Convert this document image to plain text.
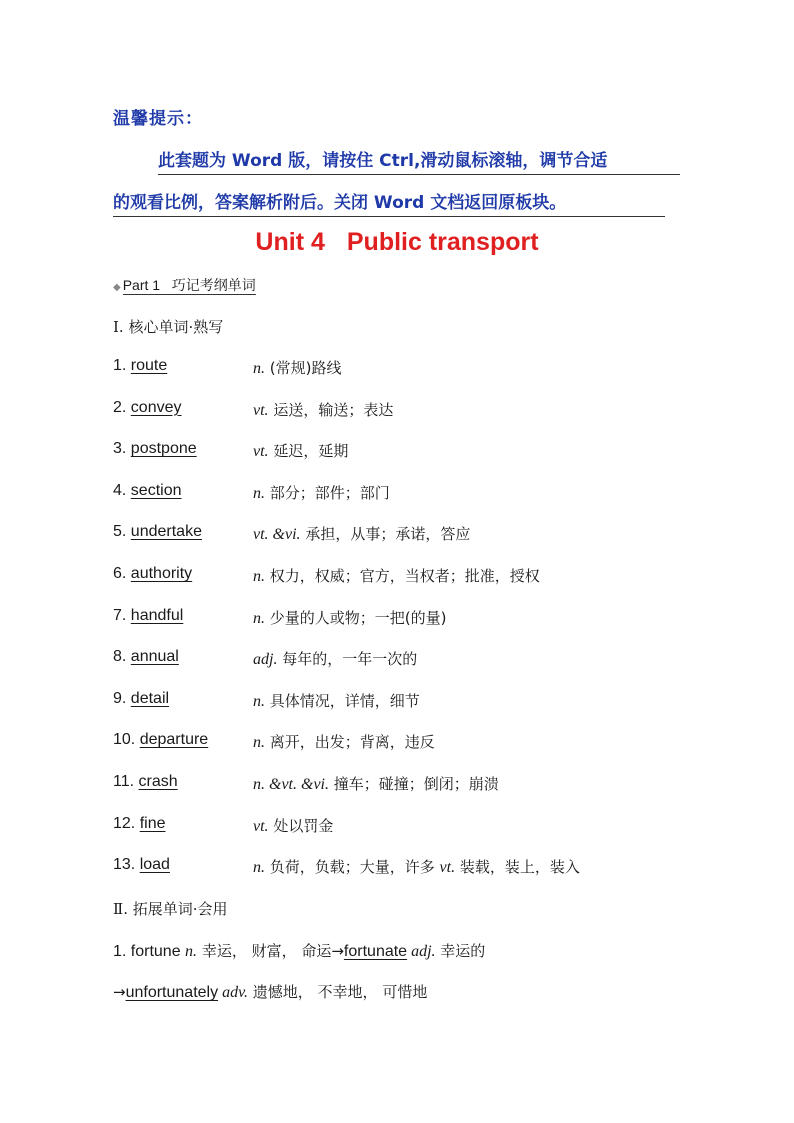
温馨提示：
此套题为 Word 版，请按住 Ctrl,滑动鼠标滚轴，调节合适
的观看比例，答案解析附后。关闭 Word 文档返回原板块。
Unit 4 Public transport
◆ Part 1 巧记考纲单词
Ⅰ. 核心单词·熟写
1. route	n. (常规)路线
2. convey	vt. 运送，输送；表达
3. postpone	vt. 延迟，延期
4. section	n. 部分；部件；部门
5. undertake	vt. &vi. 承担，从事；承诺，答应
6. authority	n. 权力，权威；官方，当权者；批准，授权
7. handful	n. 少量的人或物；一把(的量)
8. annual	adj. 每年的，一年一次的
9. detail	n. 具体情况，详情，细节
10. departure	n. 离开，出发；背离，违反
11. crash	n. &vt. &vi. 撞车；碰撞；倒闭；崩溃
12. fine	vt. 处以罚金
13. load	n. 负荷，负载；大量，许多 vt. 装载，装上，装入
Ⅱ. 拓展单词·会用
1. fortune n. 幸运， 财富， 命运→fortunate adj. 幸运的
→unfortunately adv. 遗憾地， 不幸地， 可惜地
